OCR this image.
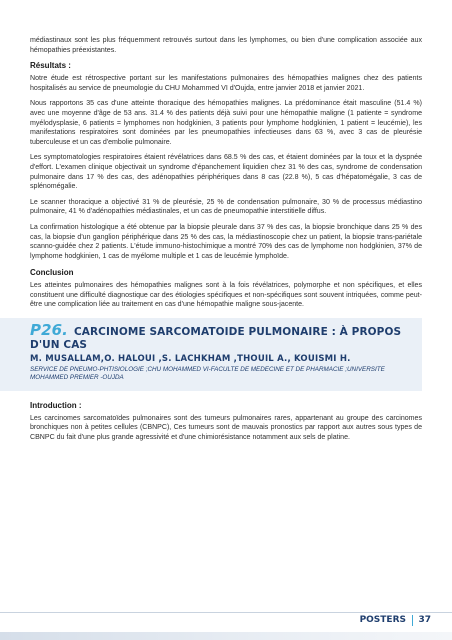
médiastinaux sont les plus fréquemment retrouvés surtout dans les lymphomes, ou bien d'une complication associée aux hémopathies préexistantes.

Résultats :

Notre étude est rétrospective portant sur les manifestations pulmonaires des hémopathies malignes chez des patients hospitalisés au service de pneumologie du CHU Mohammed VI d'Oujda, entre janvier 2018 et janvier 2021.

Nous rapportons 35 cas d'une atteinte thoracique des hémopathies malignes. La prédominance était masculine (51.4 %) avec une moyenne d'âge de 53 ans. 31.4 % des patients déjà suivi pour une hémopathie maligne (1 patiente = syndrome myélodysplasie, 6 patients = lymphomes non hodgkinien, 3 patients pour lymphome hodgkinien, 1 patient = leucémie), les manifestations respiratoires sont dominées par les pneumopathies infectieuses dans 63 %, avec 3 cas de pleurésie tuberculeuse et un cas d'embolie pulmonaire.

Les symptomatologies respiratoires étaient révélatrices dans 68.5 % des cas, et étaient dominées par la toux et la dyspnée d'effort. L'examen clinique objectivait un syndrome d'épanchement liquidien chez 31 % des cas, syndrome de condensation pulmonaire dans 17 % des cas, des adénopathies périphériques dans 8 cas (22.8 %), 5 cas d'hépatomégalie, 3 cas de splénomégalie.

Le scanner thoracique a objectivé 31 % de pleurésie, 25 % de condensation pulmonaire, 30 % de processus médiastino pulmonaire, 41 % d'adénopathies médiastinales, et un cas de pneumopathie interstitielle diffus.

La confirmation histologique a été obtenue par la biopsie pleurale dans 37 % des cas, la biopsie bronchique dans 25 % des cas, la biopsie d'un ganglion périphérique dans 25 % des cas, la médiastinoscopie chez un patient, la biopsie trans-pariétale scanno-guidée chez 2 patients. L'étude immuno-histochimique a montré 70% des cas de lymphome non hodgkinien, 37% de lymphome hodgkinien, 1 cas de myélome multiple et 1 cas de leucémie lymphoïde.

Conclusion

Les atteintes pulmonaires des hémopathies malignes sont à la fois révélatrices, polymorphe et non spécifiques, et elles constituent une difficulté diagnostique car des étiologies spécifiques et non-spécifiques sont souvent intriquées, comme peut-être une complication liée au traitement en cas d'une hémopathie maligne sous-jacente.

P26. CARCINOME SARCOMATOIDE PULMONAIRE : À PROPOS D'UN CAS
M. MUSALLAM,O. HALOUI ,S. LACHKHAM ,THOUIL A., KOUISMI H.
SERVICE DE PNEUMO-PHTISIOLOGIE ;CHU MOHAMMED VI-FACULTE DE MEDECINE ET DE PHARMACIE ;UNIVERSITE MOHAMMED PREMIER -OUJDA
Introduction :

Les carcinomes sarcomatoïdes pulmonaires sont des tumeurs pulmonaires rares, appartenant au groupe des carcinomes bronchiques non à petites cellules (CBNPC), Ces tumeurs sont de mauvais pronostics par rapport aux autres sous types de CBNPC du fait d'une plus grande agressivité et d'une chimiorésistance notamment aux sels de platine.

POSTERS 37
